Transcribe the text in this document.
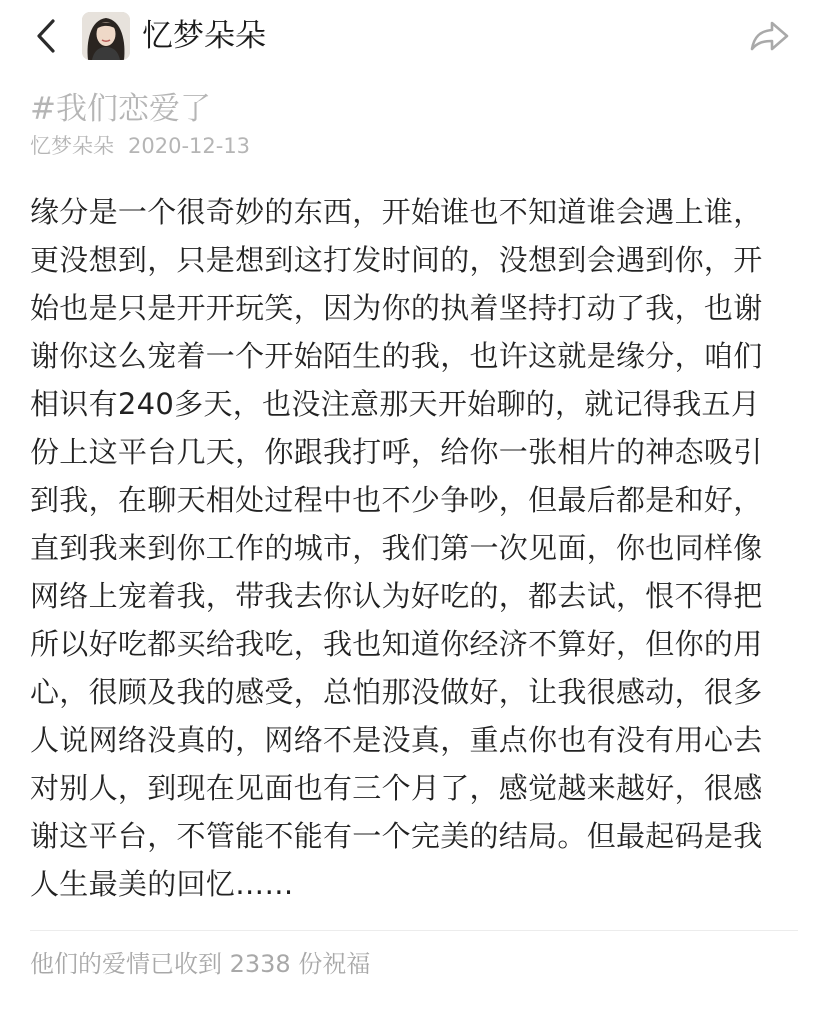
忆梦朵朵
#我们恋爱了
忆梦朵朵 2020-12-13
缘分是一个很奇妙的东西，开始谁也不知道谁会遇上谁，
更没想到，只是想到这打发时间的，没想到会遇到你，开
始也是只是开开玩笑，因为你的执着坚持打动了我，也谢
谢你这么宠着一个开始陌生的我，也许这就是缘分，咱们
相识有240多天，也没注意那天开始聊的，就记得我五月
份上这平台几天，你跟我打呼，给你一张相片的神态吸引
到我，在聊天相处过程中也不少争吵，但最后都是和好，
直到我来到你工作的城市，我们第一次见面，你也同样像
网络上宠着我，带我去你认为好吃的，都去试，恨不得把
所以好吃都买给我吃，我也知道你经济不算好，但你的用
心，很顾及我的感受，总怕那没做好，让我很感动，很多
人说网络没真的，网络不是没真，重点你也有没有用心去
对别人，到现在见面也有三个月了，感觉越来越好，很感
谢这平台，不管能不能有一个完美的结局。但最起码是我
人生最美的回忆……
他们的爱情已收到 2338 份祝福
